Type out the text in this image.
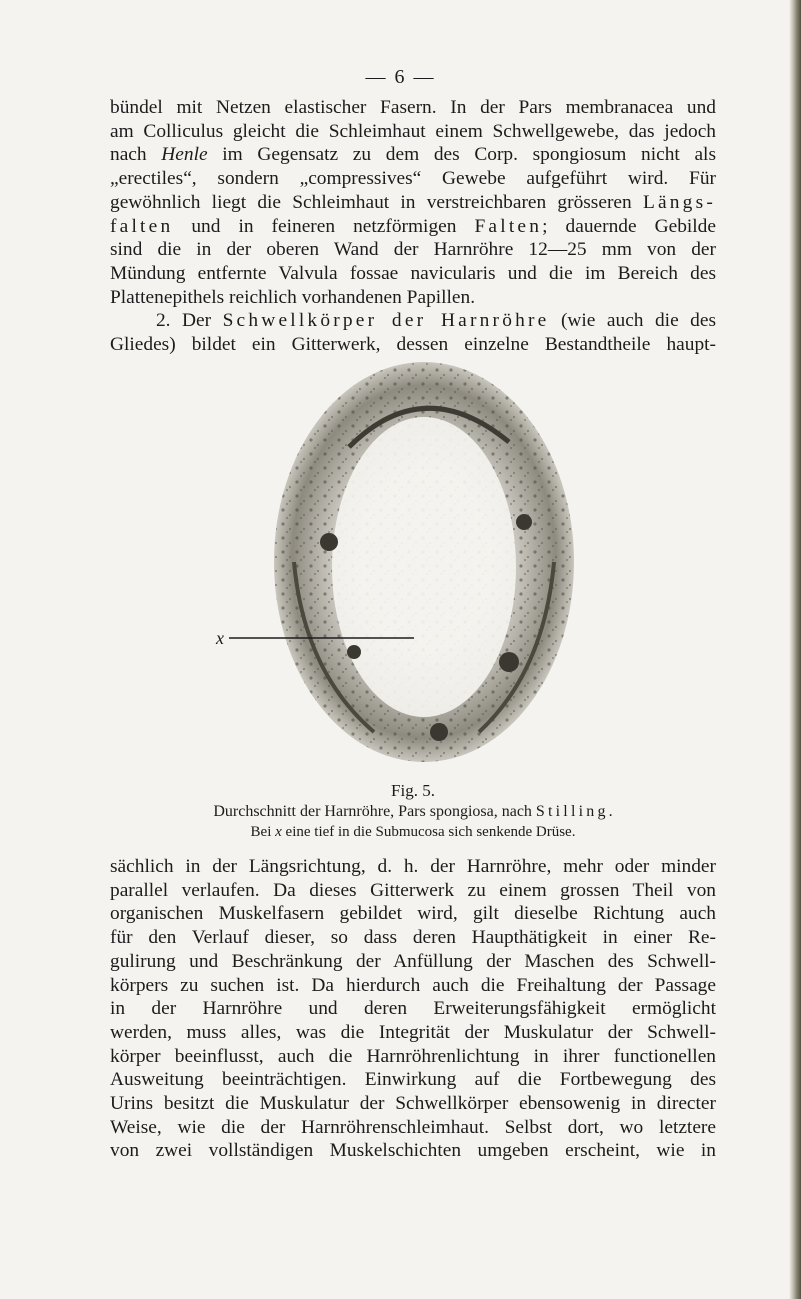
— 6 —
bündel mit Netzen elastischer Fasern. In der Pars membranacea und
am Colliculus gleicht die Schleimhaut einem Schwellgewebe, das jedoch
nach Henle im Gegensatz zu dem des Corp. spongiosum nicht als
„erectiles“, sondern „compressives“ Gewebe aufgeführt wird. Für
gewöhnlich liegt die Schleimhaut in verstreichbaren grösseren Längs-
falten und in feineren netzförmigen Falten; dauernde Gebilde
sind die in der oberen Wand der Harnröhre 12—25 mm von der
Mündung entfernte Valvula fossae navicularis und die im Bereich des
Plattenepithels reichlich vorhandenen Papillen.
2. Der Schwellkörper der Harnröhre (wie auch die des
Gliedes) bildet ein Gitterwerk, dessen einzelne Bestandtheile haupt-
x
Fig. 5.
Durchschnitt der Harnröhre, Pars spongiosa, nach Stilling.
Bei x eine tief in die Submucosa sich senkende Drüse.
sächlich in der Längsrichtung, d. h. der Harnröhre, mehr oder minder
parallel verlaufen. Da dieses Gitterwerk zu einem grossen Theil von
organischen Muskelfasern gebildet wird, gilt dieselbe Richtung auch
für den Verlauf dieser, so dass deren Haupthätigkeit in einer Re-
gulirung und Beschränkung der Anfüllung der Maschen des Schwell-
körpers zu suchen ist. Da hierdurch auch die Freihaltung der Passage
in der Harnröhre und deren Erweiterungsfähigkeit ermöglicht
werden, muss alles, was die Integrität der Muskulatur der Schwell-
körper beeinflusst, auch die Harnröhrenlichtung in ihrer functionellen
Ausweitung beeinträchtigen. Einwirkung auf die Fortbewegung des
Urins besitzt die Muskulatur der Schwellkörper ebensowenig in directer
Weise, wie die der Harnröhrenschleimhaut. Selbst dort, wo letztere
von zwei vollständigen Muskelschichten umgeben erscheint, wie in
